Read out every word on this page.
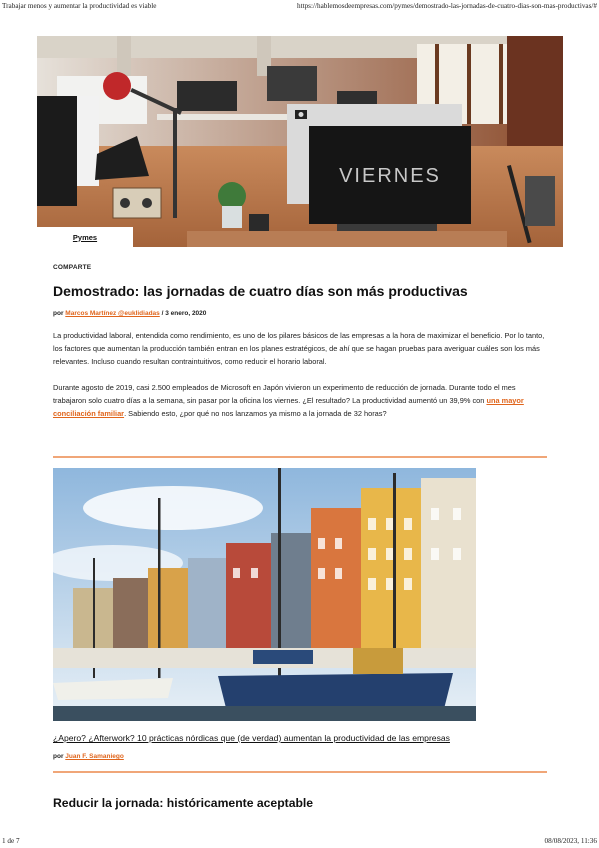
Trabajar menos y aumentar la productividad es viable	https://hablemosdeempresas.com/pymes/demostrado-las-jornadas-de-cuatro-dias-son-mas-productivas/#
VIERNES
Pymes
COMPARTE
Demostrado: las jornadas de cuatro días son más productivas
por Marcos Martínez @euklidiadas / 3 enero, 2020

La productividad laboral, entendida como rendimiento, es uno de los pilares básicos de las empresas a la hora de maximizar el beneficio. Por lo tanto, los factores que aumentan la producción también entran en los planes estratégicos, de ahí que se hagan pruebas para averiguar cuáles son los más relevantes. Incluso cuando resultan contraintuitivos, como reducir el horario laboral.

Durante agosto de 2019, casi 2.500 empleados de Microsoft en Japón vivieron un experimento de reducción de jornada. Durante todo el mes trabajaron solo cuatro días a la semana, sin pasar por la oficina los viernes. ¿El resultado? La productividad aumentó un 39,9% con una mayor conciliación familiar. Sabiendo esto, ¿por qué no nos lanzamos ya mismo a la jornada de 32 horas?

¿Apero? ¿Afterwork? 10 prácticas nórdicas que (de verdad) aumentan la productividad de las empresas
por Juan F. Samaniego
Reducir la jornada: históricamente aceptable
1 de 7	08/08/2023, 11:36
